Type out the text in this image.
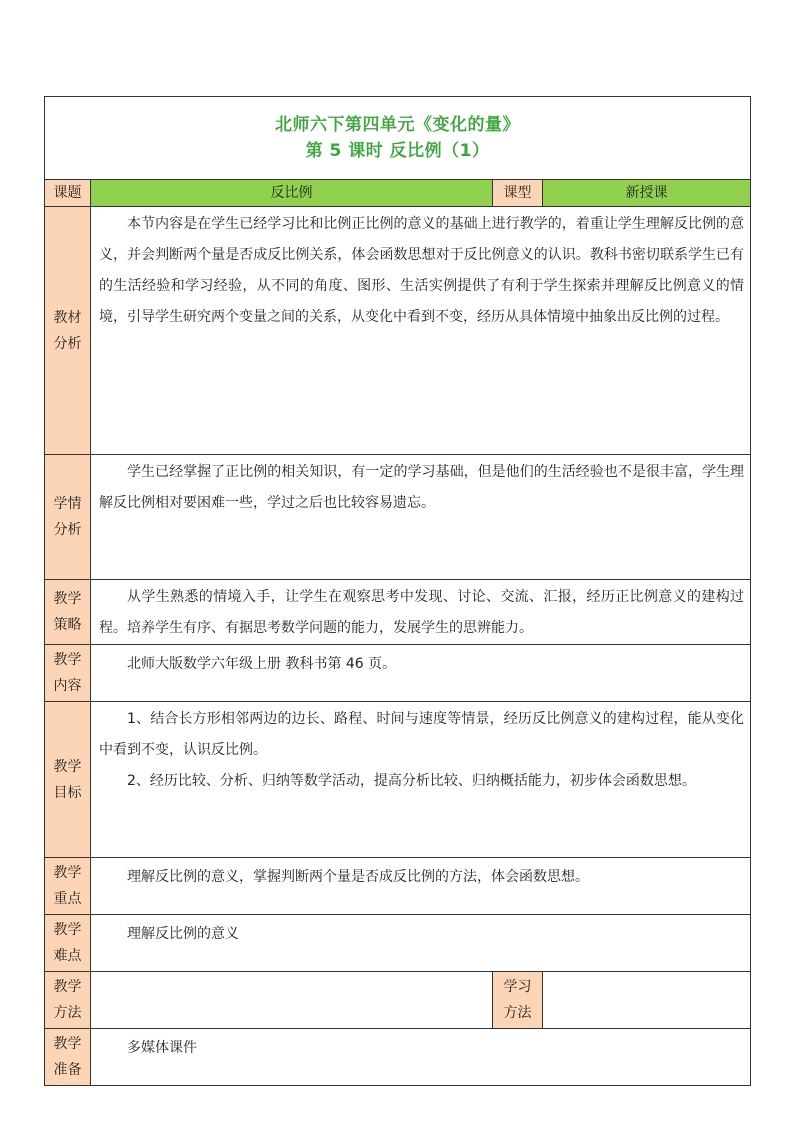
北师六下第四单元《变化的量》
第 5 课时 反比例（1）			

课题	反比例	课型	新授课

教材分析	本节内容是在学生已经学习比和比例正比例的意义的基础上进行教学的，着重让学生理解反比例的意义，并会判断两个量是否成反比例关系，体会函数思想对于反比例意义的认识。教科书密切联系学生已有的生活经验和学习经验，从不同的角度、图形、生活实例提供了有利于学生探索并理解反比例意义的情境，引导学生研究两个变量之间的关系，从变化中看到不变，经历从具体情境中抽象出反比例的过程。		

学情分析	学生已经掌握了正比例的相关知识，有一定的学习基础，但是他们的生活经验也不是很丰富，学生理解反比例相对要困难一些，学过之后也比较容易遗忘。		

教学策略	从学生熟悉的情境入手，让学生在观察思考中发现、讨论、交流、汇报，经历正比例意义的建构过程。培养学生有序、有据思考数学问题的能力，发展学生的思辨能力。		

教学内容	北师大版数学六年级上册 教科书第 46 页。		

教学目标	1、结合长方形相邻两边的边长、路程、时间与速度等情景，经历反比例意义的建构过程，能从变化中看到不变，认识反比例。

2、经历比较、分析、归纳等数学活动，提高分析比较、归纳概括能力，初步体会函数思想。		

教学重点	理解反比例的意义，掌握判断两个量是否成反比例的方法，体会函数思想。		

教学难点	理解反比例的意义		

教学方法		学习方法	

教学准备	多媒体课件		
